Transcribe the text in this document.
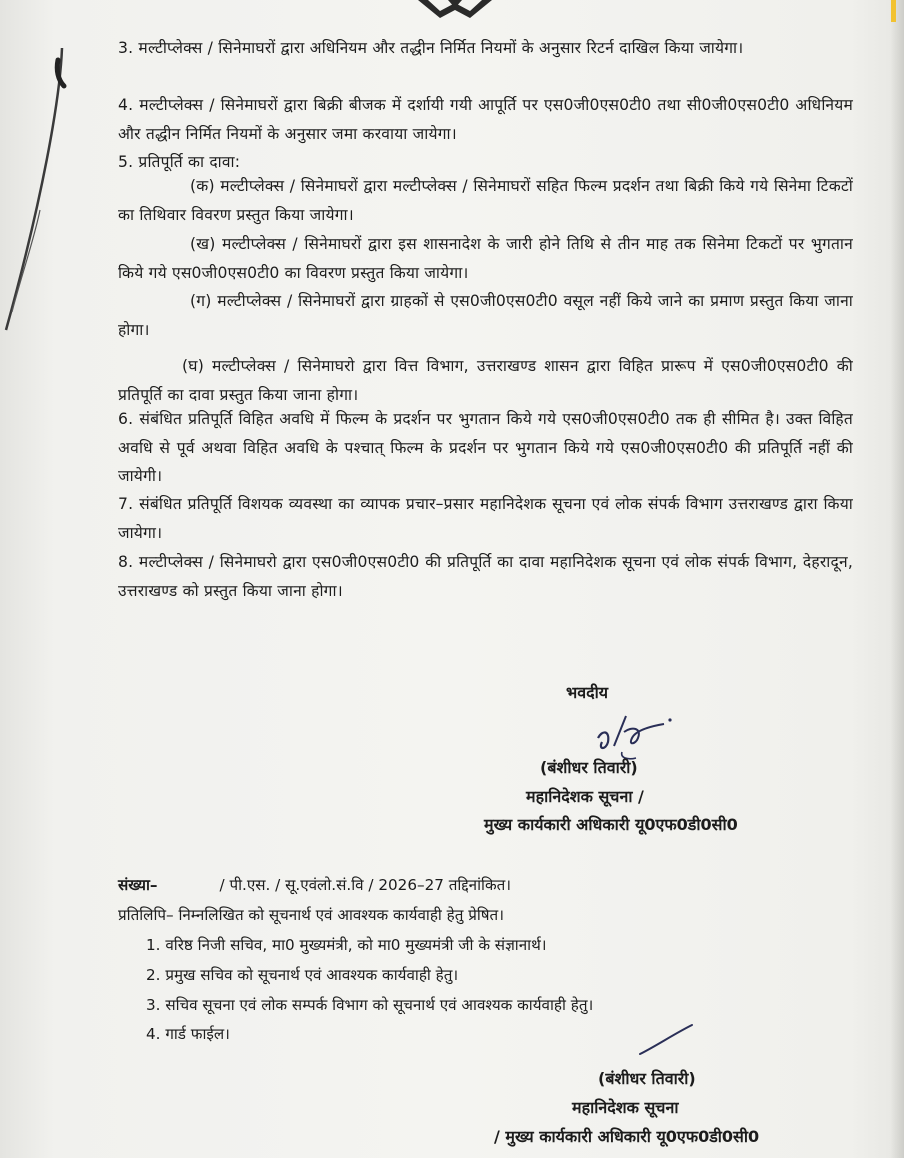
3. मल्टीप्लेक्स / सिनेमाघरों द्वारा अधिनियम और तद्धीन निर्मित नियमों के अनुसार रिटर्न दाखिल किया जायेगा।
4. मल्टीप्लेक्स / सिनेमाघरों द्वारा बिक्री बीजक में दर्शायी गयी आपूर्ति पर एस0जी0एस0टी0 तथा सी0जी0एस0टी0 अधिनियम और तद्धीन निर्मित नियमों के अनुसार जमा करवाया जायेगा।
5. प्रतिपूर्ति का दावा:
(क) मल्टीप्लेक्स / सिनेमाघरों द्वारा मल्टीप्लेक्स / सिनेमाघरों सहित फिल्म प्रदर्शन तथा बिक्री किये गये सिनेमा टिकटों का तिथिवार विवरण प्रस्तुत किया जायेगा।
(ख) मल्टीप्लेक्स / सिनेमाघरों द्वारा इस शासनादेश के जारी होने तिथि से तीन माह तक सिनेमा टिकटों पर भुगतान किये गये एस0जी0एस0टी0 का विवरण प्रस्तुत किया जायेगा।
(ग) मल्टीप्लेक्स / सिनेमाघरों द्वारा ग्राहकों से एस0जी0एस0टी0 वसूल नहीं किये जाने का प्रमाण प्रस्तुत किया जाना होगा।
(घ) मल्टीप्लेक्स / सिनेमाघरो द्वारा वित्त विभाग, उत्तराखण्ड शासन द्वारा विहित प्रारूप में एस0जी0एस0टी0 की प्रतिपूर्ति का दावा प्रस्तुत किया जाना होगा।
6. संबंधित प्रतिपूर्ति विहित अवधि में फिल्म के प्रदर्शन पर भुगतान किये गये एस0जी0एस0टी0 तक ही सीमित है। उक्त विहित अवधि से पूर्व अथवा विहित अवधि के पश्चात् फिल्म के प्रदर्शन पर भुगतान किये गये एस0जी0एस0टी0 की प्रतिपूर्ति नहीं की जायेगी।
7. संबंधित प्रतिपूर्ति विशयक व्यवस्था का व्यापक प्रचार–प्रसार महानिदेशक सूचना एवं लोक संपर्क विभाग उत्तराखण्ड द्वारा किया जायेगा।
8. मल्टीप्लेक्स / सिनेमाघरो द्वारा एस0जी0एस0टी0 की प्रतिपूर्ति का दावा महानिदेशक सूचना एवं लोक संपर्क विभाग, देहरादून, उत्तराखण्ड को प्रस्तुत किया जाना होगा।
भवदीय
(बंशीधर तिवारी)
महानिदेशक सूचना /
मुख्य कार्यकारी अधिकारी यू0एफ0डी0सी0
संख्या–	/ पी.एस. / सू.एवंलो.सं.वि / 2026–27 तद्दिनांकित।
प्रतिलिपि– निम्नलिखित को सूचनार्थ एवं आवश्यक कार्यवाही हेतु प्रेषित।
1. वरिष्ठ निजी सचिव, मा0 मुख्यमंत्री, को मा0 मुख्यमंत्री जी के संज्ञानार्थ।
2. प्रमुख सचिव को सूचनार्थ एवं आवश्यक कार्यवाही हेतु।
3. सचिव सूचना एवं लोक सम्पर्क विभाग को सूचनार्थ एवं आवश्यक कार्यवाही हेतु।
4. गार्ड फाईल।
(बंशीधर तिवारी)
महानिदेशक सूचना
/ मुख्य कार्यकारी अधिकारी यू0एफ0डी0सी0
